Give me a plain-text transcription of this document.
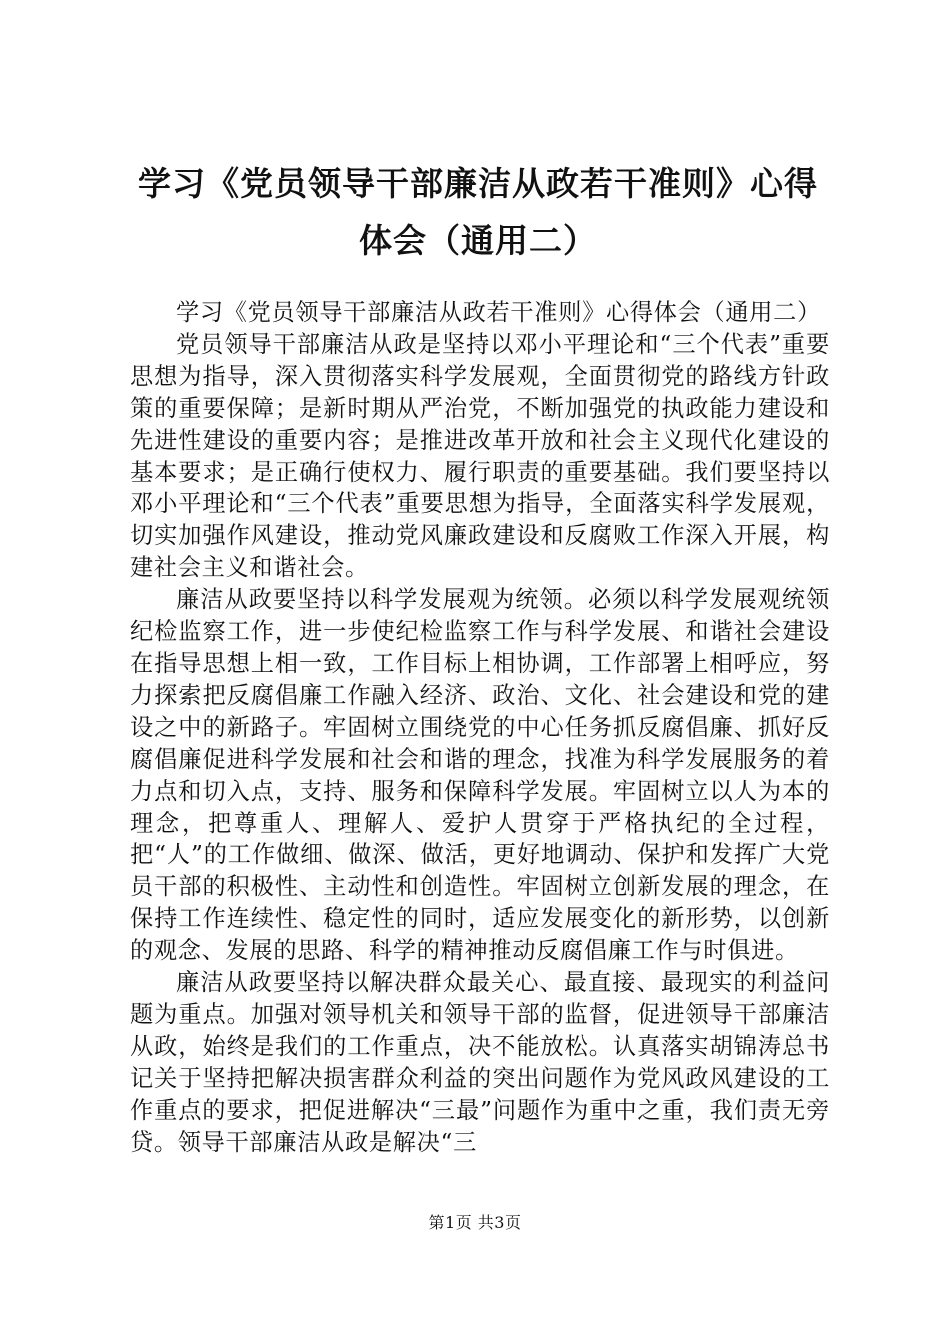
学习《党员领导干部廉洁从政若干准则》心得
体会（通用二）

学习《党员领导干部廉洁从政若干准则》心得体会（通用二）

党员领导干部廉洁从政是坚持以邓小平理论和“三个代表”重要思想为指导，深入贯彻落实科学发展观，全面贯彻党的路线方针政策的重要保障；是新时期从严治党，不断加强党的执政能力建设和先进性建设的重要内容；是推进改革开放和社会主义现代化建设的基本要求；是正确行使权力、履行职责的重要基础。我们要坚持以邓小平理论和“三个代表”重要思想为指导，全面落实科学发展观，切实加强作风建设，推动党风廉政建设和反腐败工作深入开展，构建社会主义和谐社会。

廉洁从政要坚持以科学发展观为统领。必须以科学发展观统领纪检监察工作，进一步使纪检监察工作与科学发展、和谐社会建设在指导思想上相一致，工作目标上相协调，工作部署上相呼应，努力探索把反腐倡廉工作融入经济、政治、文化、社会建设和党的建设之中的新路子。牢固树立围绕党的中心任务抓反腐倡廉、抓好反腐倡廉促进科学发展和社会和谐的理念，找准为科学发展服务的着力点和切入点，支持、服务和保障科学发展。牢固树立以人为本的理念，把尊重人、理解人、爱护人贯穿于严格执纪的全过程，把“人”的工作做细、做深、做活，更好地调动、保护和发挥广大党员干部的积极性、主动性和创造性。牢固树立创新发展的理念，在保持工作连续性、稳定性的同时，适应发展变化的新形势，以创新的观念、发展的思路、科学的精神推动反腐倡廉工作与时俱进。

廉洁从政要坚持以解决群众最关心、最直接、最现实的利益问题为重点。加强对领导机关和领导干部的监督，促进领导干部廉洁从政，始终是我们的工作重点，决不能放松。认真落实胡锦涛总书记关于坚持把解决损害群众利益的突出问题作为党风政风建设的工作重点的要求，把促进解决“三最”问题作为重中之重，我们责无旁贷。领导干部廉洁从政是解决“三

第1页 共3页
